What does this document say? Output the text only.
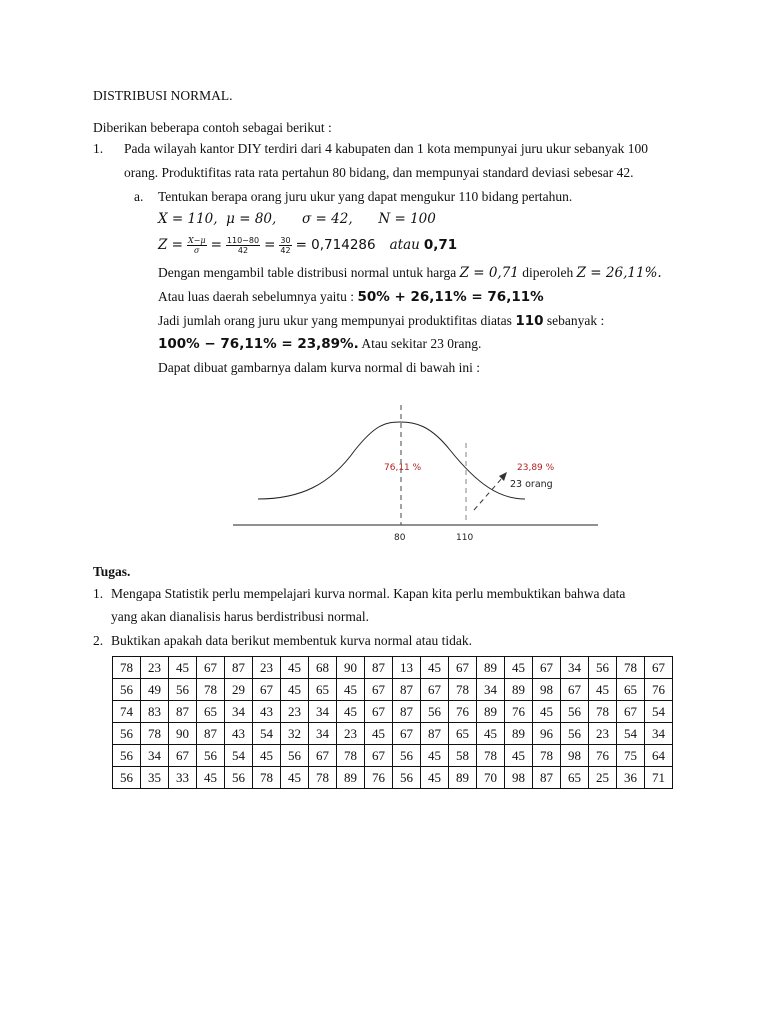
DISTRIBUSI NORMAL.
Diberikan beberapa contoh sebagai berikut :
1. Pada wilayah kantor DIY terdiri dari 4 kabupaten dan 1 kota mempunyai juru ukur sebanyak 100
orang. Produktifitas rata rata pertahun 80 bidang, dan mempunyai standard deviasi sebesar 42.
a. Tentukan berapa orang juru ukur yang dapat mengukur 110 bidang pertahun.
X = 110,  μ = 80,      σ = 42,      N = 100
$Z = \frac{X-\mu}{\sigma} = \frac{110-80}{42} = \frac{30}{42} = 0,714286$ atau 0,71
Dengan mengambil table distribusi normal untuk harga Z = 0,71 diperoleh Z = 26,11%.
Atau luas daerah sebelumnya yaitu : 50% + 26,11% = 76,11%
Jadi jumlah orang juru ukur yang mempunyai produktifitas diatas 110 sebanyak :
100% − 76,11% = 23,89%. Atau sekitar 23 0rang.
Dapat dibuat gambarnya dalam kurva normal di bawah ini :
76,11 %	23,89 %
23 orang
80	110
Tugas.
1. Mengapa Statistik perlu mempelajari kurva normal. Kapan kita perlu membuktikan bahwa data
yang akan dianalisis harus berdistribusi normal.
2. Buktikan apakah data berikut membentuk kurva normal atau tidak.
78	23	45	67	87	23	45	68	90	87	13	45	67	89	45	67	34	56	78	67
56	49	56	78	29	67	45	65	45	67	87	67	78	34	89	98	67	45	65	76
74	83	87	65	34	43	23	34	45	67	87	56	76	89	76	45	56	78	67	54
56	78	90	87	43	54	32	34	23	45	67	87	65	45	89	96	56	23	54	34
56	34	67	56	54	45	56	67	78	67	56	45	58	78	45	78	98	76	75	64
56	35	33	45	56	78	45	78	89	76	56	45	89	70	98	87	65	25	36	71
